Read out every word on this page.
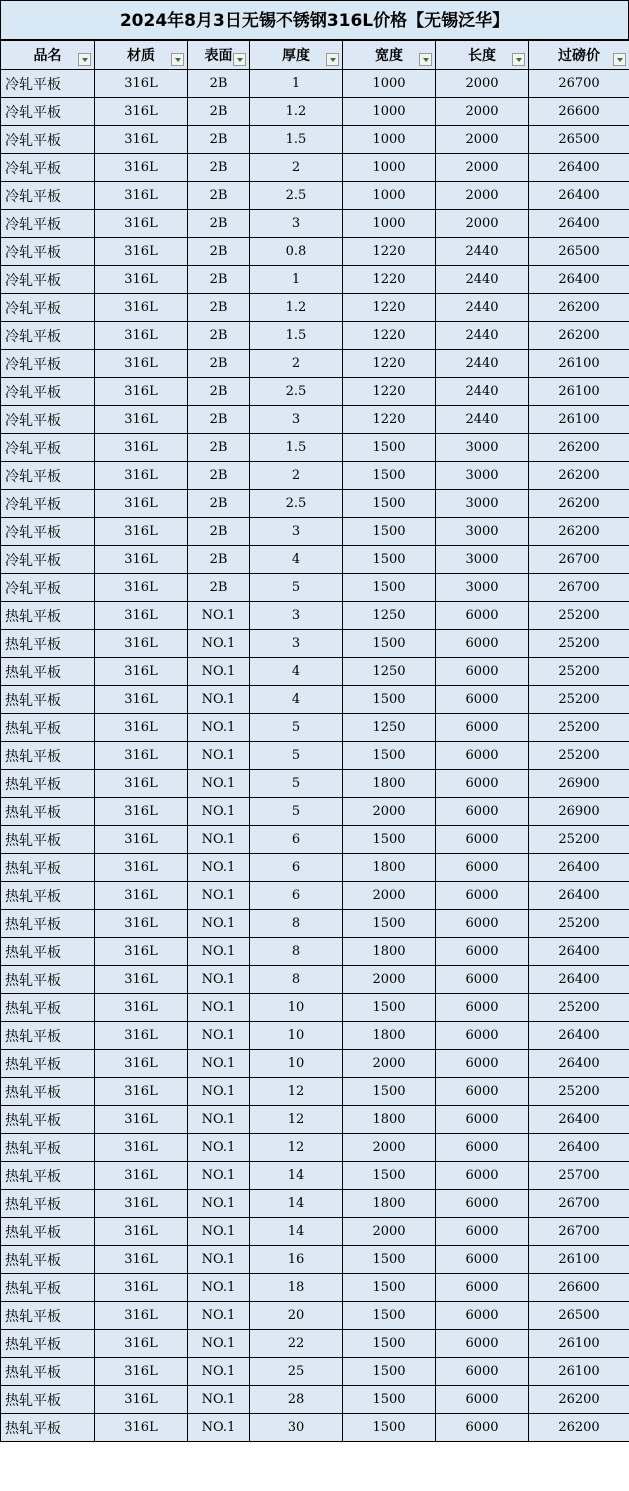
2024年8月3日无锡不锈钢316L价格【无锡泛华】
品名	材质	表面	厚度	宽度	长度	过磅价

冷轧平板	316L	2B	1	1000	2000	26700
冷轧平板	316L	2B	1.2	1000	2000	26600
冷轧平板	316L	2B	1.5	1000	2000	26500
冷轧平板	316L	2B	2	1000	2000	26400
冷轧平板	316L	2B	2.5	1000	2000	26400
冷轧平板	316L	2B	3	1000	2000	26400
冷轧平板	316L	2B	0.8	1220	2440	26500
冷轧平板	316L	2B	1	1220	2440	26400
冷轧平板	316L	2B	1.2	1220	2440	26200
冷轧平板	316L	2B	1.5	1220	2440	26200
冷轧平板	316L	2B	2	1220	2440	26100
冷轧平板	316L	2B	2.5	1220	2440	26100
冷轧平板	316L	2B	3	1220	2440	26100
冷轧平板	316L	2B	1.5	1500	3000	26200
冷轧平板	316L	2B	2	1500	3000	26200
冷轧平板	316L	2B	2.5	1500	3000	26200
冷轧平板	316L	2B	3	1500	3000	26200
冷轧平板	316L	2B	4	1500	3000	26700
冷轧平板	316L	2B	5	1500	3000	26700
热轧平板	316L	NO.1	3	1250	6000	25200
热轧平板	316L	NO.1	3	1500	6000	25200
热轧平板	316L	NO.1	4	1250	6000	25200
热轧平板	316L	NO.1	4	1500	6000	25200
热轧平板	316L	NO.1	5	1250	6000	25200
热轧平板	316L	NO.1	5	1500	6000	25200
热轧平板	316L	NO.1	5	1800	6000	26900
热轧平板	316L	NO.1	5	2000	6000	26900
热轧平板	316L	NO.1	6	1500	6000	25200
热轧平板	316L	NO.1	6	1800	6000	26400
热轧平板	316L	NO.1	6	2000	6000	26400
热轧平板	316L	NO.1	8	1500	6000	25200
热轧平板	316L	NO.1	8	1800	6000	26400
热轧平板	316L	NO.1	8	2000	6000	26400
热轧平板	316L	NO.1	10	1500	6000	25200
热轧平板	316L	NO.1	10	1800	6000	26400
热轧平板	316L	NO.1	10	2000	6000	26400
热轧平板	316L	NO.1	12	1500	6000	25200
热轧平板	316L	NO.1	12	1800	6000	26400
热轧平板	316L	NO.1	12	2000	6000	26400
热轧平板	316L	NO.1	14	1500	6000	25700
热轧平板	316L	NO.1	14	1800	6000	26700
热轧平板	316L	NO.1	14	2000	6000	26700
热轧平板	316L	NO.1	16	1500	6000	26100
热轧平板	316L	NO.1	18	1500	6000	26600
热轧平板	316L	NO.1	20	1500	6000	26500
热轧平板	316L	NO.1	22	1500	6000	26100
热轧平板	316L	NO.1	25	1500	6000	26100
热轧平板	316L	NO.1	28	1500	6000	26200
热轧平板	316L	NO.1	30	1500	6000	26200
